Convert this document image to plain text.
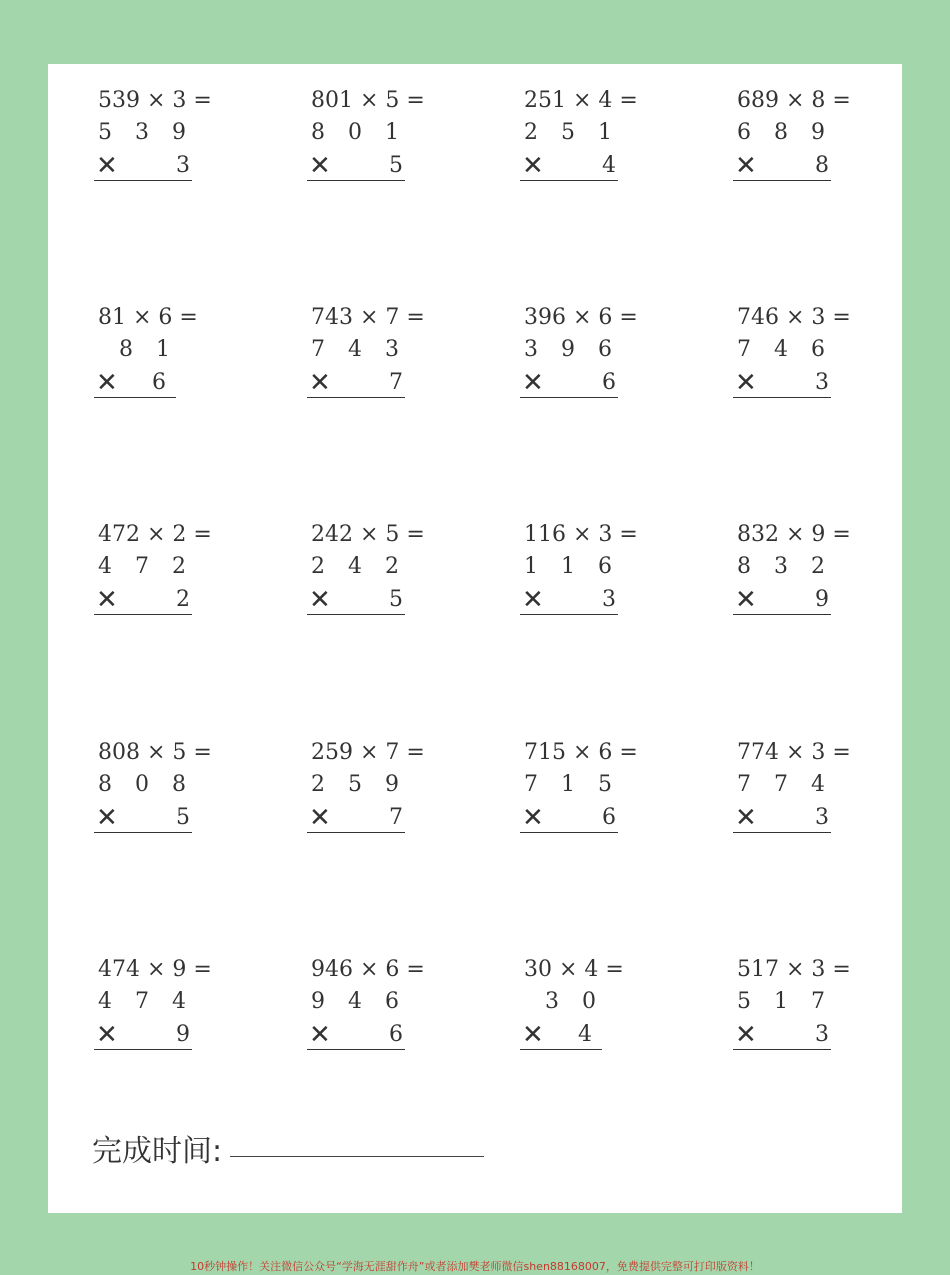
539 × 3 =
5 3 9
✕	3
801 × 5 =
8 0 1
✕	5
251 × 4 =
2 5 1
✕	4
689 × 8 =
6 8 9
✕	8
81 × 6 =
8 1
✕ 6
743 × 7 =
7 4 3
✕	7
396 × 6 =
3 9 6
✕	6
746 × 3 =
7 4 6
✕	3
472 × 2 =
4 7 2
✕	2
242 × 5 =
2 4 2
✕	5
116 × 3 =
1 1 6
✕	3
832 × 9 =
8 3 2
✕	9
808 × 5 =
8 0 8
✕	5
259 × 7 =
2 5 9
✕	7
715 × 6 =
7 1 5
✕	6
774 × 3 =
7 7 4
✕	3
474 × 9 =
4 7 4
✕	9
946 × 6 =
9 4 6
✕	6
30 × 4 =
3 0
✕ 4
517 × 3 =
5 1 7
✕	3
完成时间:
10秒钟操作！关注微信公众号“学海无涯甜作舟”或者添加樊老师微信shen88168007，免费提供完整可打印版资料！
